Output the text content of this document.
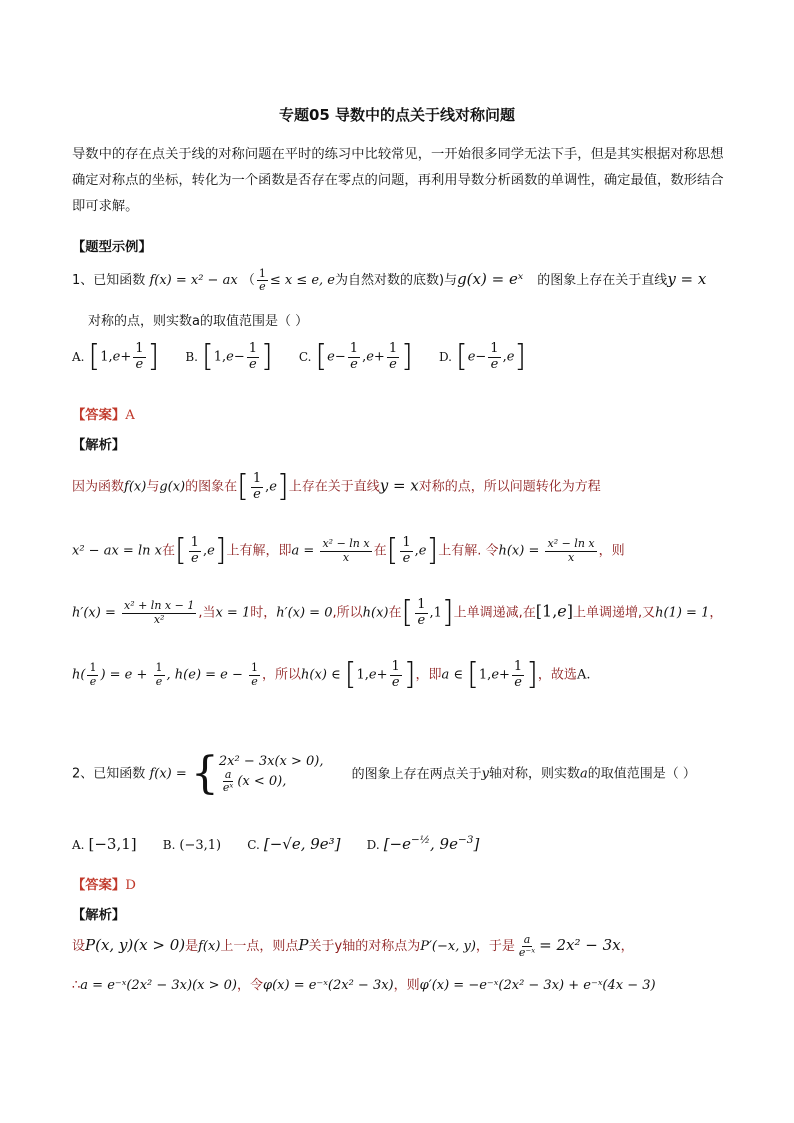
专题05 导数中的点关于线对称问题
导数中的存在点关于线的对称问题在平时的练习中比较常见，一开始很多同学无法下手，但是其实根据对称思想确定对称点的坐标，转化为一个函数是否存在零点的问题，再利用导数分析函数的单调性，确定最值，数形结合即可求解。
【题型示例】
1、已知函数 f(x) = x² − ax （ $\frac{1}{e} \le x \le e$, e为自然对数的底数)与g(x) = eˣ 的图象上存在关于直线y = x
对称的点，则实数a的取值范围是（ ）
A. [$1,e+ \frac{1}{e}$ ] B. [$1,e- \frac{1}{e}$ ] C. [$e- \frac{1}{e} ,e+ \frac{1}{e}$ ] D. $[e- \frac{1}{e} ,e]$
【答案】A
【解析】
因为函数f(x)与g(x)的图象在[ $\frac{1}{e} ,e$]上存在关于直线y = x对称的点，所以问题转化为方程
x² − ax = ln x在[ $\frac{1}{e} ,e$]上有解，即$a = \frac{\text{x² − ln x}}{x}$ 在[ $\frac{1}{e} ,e$]上有解. 令$h(x) = \frac{\text{x² − ln x}}{x}$ ，则
$h'(x) = \frac{\text{x² + ln x − 1}}{\text{x²}}$ ,当x = 1时，h′(x) = 0,所以h(x)在[ $\frac{1}{e} ,1$]上单调递减,在[1,e]上单调递增,又h(1) = 1，
$h( \frac{1}{e}$ ) = $e + \frac{1}{e}$ , $h(e) = e - \frac{1}{e}$ ，所以h(x) ∈ [$1,e+ \frac{1}{e}$ ]，即a ∈ [$1,e+ \frac{1}{e}$ ]，故选A.
2、已知函数 f(x) = { 2x² − 3x(x > 0),
$\frac{a}{\text{eˣ}} (x < 0)$,	的图象上存在两点关于y轴对称，则实数a的取值范围是（ ）
A. [−3,1] B. (−3,1) C. [−√e, 9e³] D. [$-e^{-\frac{1}{2}}$, $9e^{-3}$]
【答案】D
【解析】
设P(x, y)(x > 0)是f(x)上一点，则点P关于y轴的对称点为P′(−x, y)，于是 $\frac{a}{\text{e⁻ˣ}} = 2x^2 - 3x$，
∴a = e⁻ˣ(2x² − 3x)(x > 0)，令φ(x) = e⁻ˣ(2x² − 3x)，则φ′(x) = −e⁻ˣ(2x² − 3x) + e⁻ˣ(4x − 3)
